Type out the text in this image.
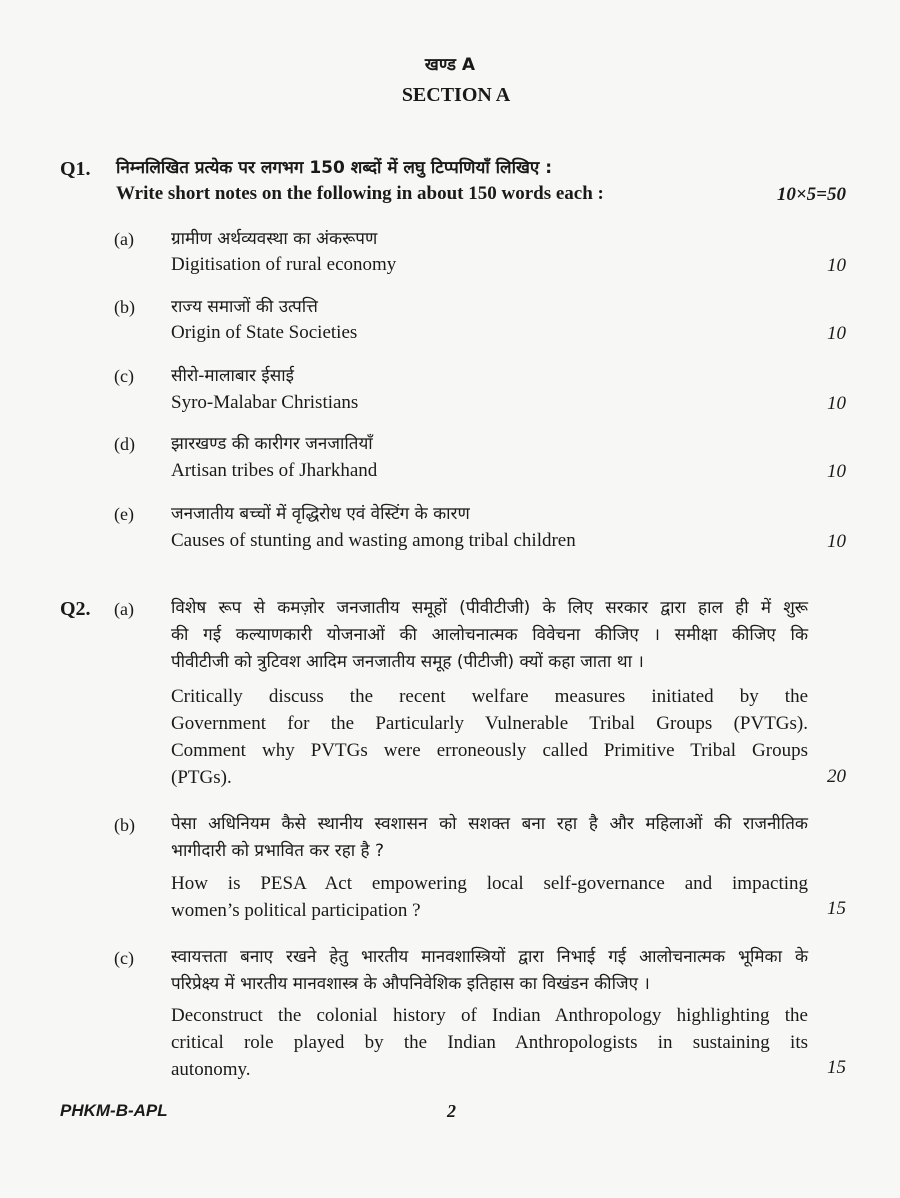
खण्ड A
SECTION A
Q1. निम्नलिखित प्रत्येक पर लगभग 150 शब्दों में लघु टिप्पणियाँ लिखिए :
Write short notes on the following in about 150 words each :	10×5=50
(a) ग्रामीण अर्थव्यवस्था का अंकरूपण
Digitisation of rural economy	10
(b) राज्य समाजों की उत्पत्ति
Origin of State Societies	10
(c) सीरो-मालाबार ईसाई
Syro-Malabar Christians	10
(d) झारखण्ड की कारीगर जनजातियाँ
Artisan tribes of Jharkhand	10
(e) जनजातीय बच्चों में वृद्धिरोध एवं वेस्टिंग के कारण
Causes of stunting and wasting among tribal children	10
Q2. (a) विशेष रूप से कमज़ोर जनजातीय समूहों (पीवीटीजी) के लिए सरकार द्वारा हाल ही में शुरू
की गई कल्याणकारी योजनाओं की आलोचनात्मक विवेचना कीजिए । समीक्षा कीजिए कि
पीवीटीजी को त्रुटिवश आदिम जनजातीय समूह (पीटीजी) क्यों कहा जाता था ।
Critically discuss the recent welfare measures initiated by the
Government for the Particularly Vulnerable Tribal Groups (PVTGs).
Comment why PVTGs were erroneously called Primitive Tribal Groups
(PTGs).	20
(b) पेसा अधिनियम कैसे स्थानीय स्वशासन को सशक्त बना रहा है और महिलाओं की राजनीतिक
भागीदारी को प्रभावित कर रहा है ?
How is PESA Act empowering local self-governance and impacting
women’s political participation ?	15
(c) स्वायत्तता बनाए रखने हेतु भारतीय मानवशास्त्रियों द्वारा निभाई गई आलोचनात्मक भूमिका के
परिप्रेक्ष्य में भारतीय मानवशास्त्र के औपनिवेशिक इतिहास का विखंडन कीजिए ।
Deconstruct the colonial history of Indian Anthropology highlighting the
critical role played by the Indian Anthropologists in sustaining its
autonomy.	15
PHKM-B-APL	2
